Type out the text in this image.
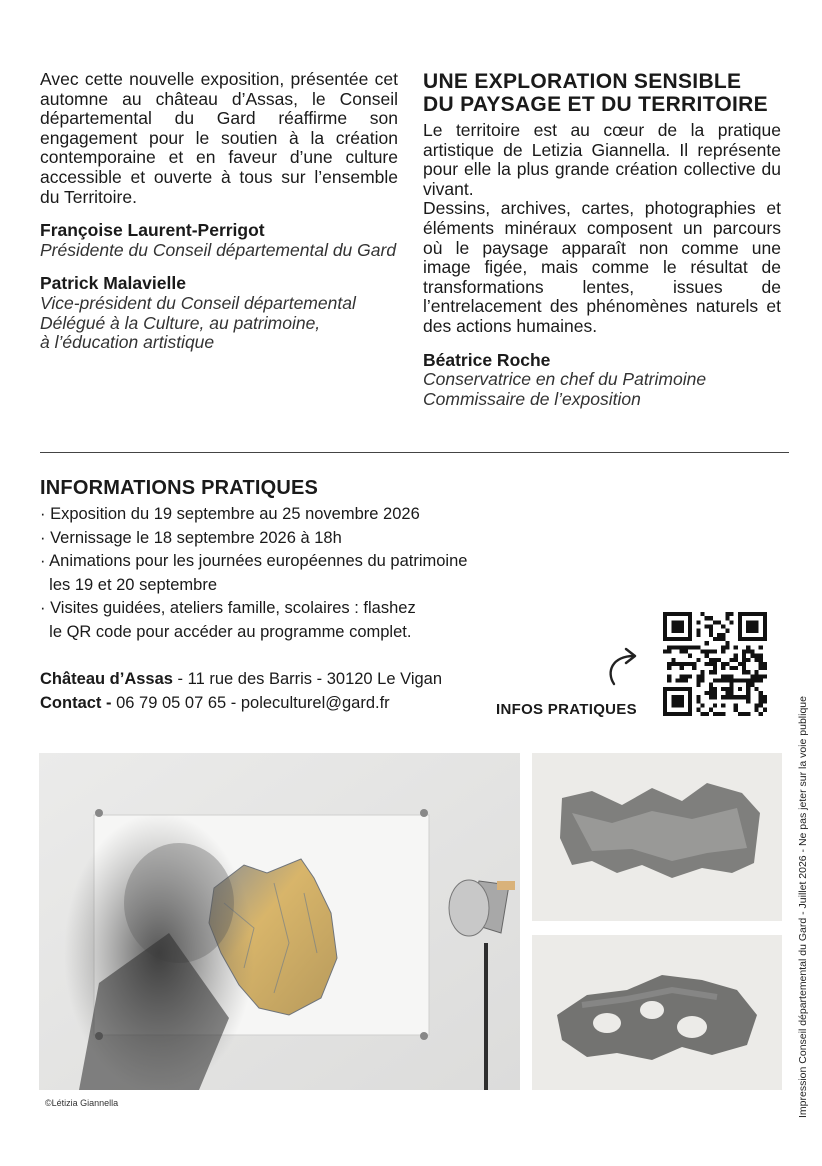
Avec cette nouvelle exposition, présentée cet automne au château d’Assas, le Conseil départemental du Gard réaffirme son engagement pour le soutien à la création contemporaine et en faveur d’une culture accessible et ouverte à tous sur l’ensemble du Territoire.

Françoise Laurent-Perrigot

Présidente du Conseil départemental du Gard

Patrick Malavielle

Vice-président du Conseil départemental

Délégué à la Culture, au patrimoine,

à l’éducation artistique

UNE EXPLORATION SENSIBLE
DU PAYSAGE ET DU TERRITOIRE

Le territoire est au cœur de la pratique artistique de Letizia Giannella. Il représente pour elle la plus grande création collective du vivant.

Dessins, archives, cartes, photographies et éléments minéraux composent un parcours où le paysage apparaît non comme une image figée, mais comme le résultat de transformations lentes, issues de l’entrelacement des phénomènes naturels et des actions humaines.

Béatrice Roche

Conservatrice en chef du Patrimoine

Commissaire de l’exposition

INFORMATIONS PRATIQUES

· Exposition du 19 septembre au 25 novembre 2026
· Vernissage le 18 septembre 2026 à 18h
· Animations pour les journées européennes du patrimoine
les 19 et 20 septembre
· Visites guidées, ateliers famille, scolaires : flashez
le QR code pour accéder au programme complet.
Château d’Assas - 11 rue des Barris - 30120 Le Vigan
Contact - 06 79 05 07 65 - poleculturel@gard.fr	INFOS PRATIQUES
©Létizia Giannella	Impression Conseil départemental du Gard - Juillet 2026 - Ne pas jeter sur la voie publique
